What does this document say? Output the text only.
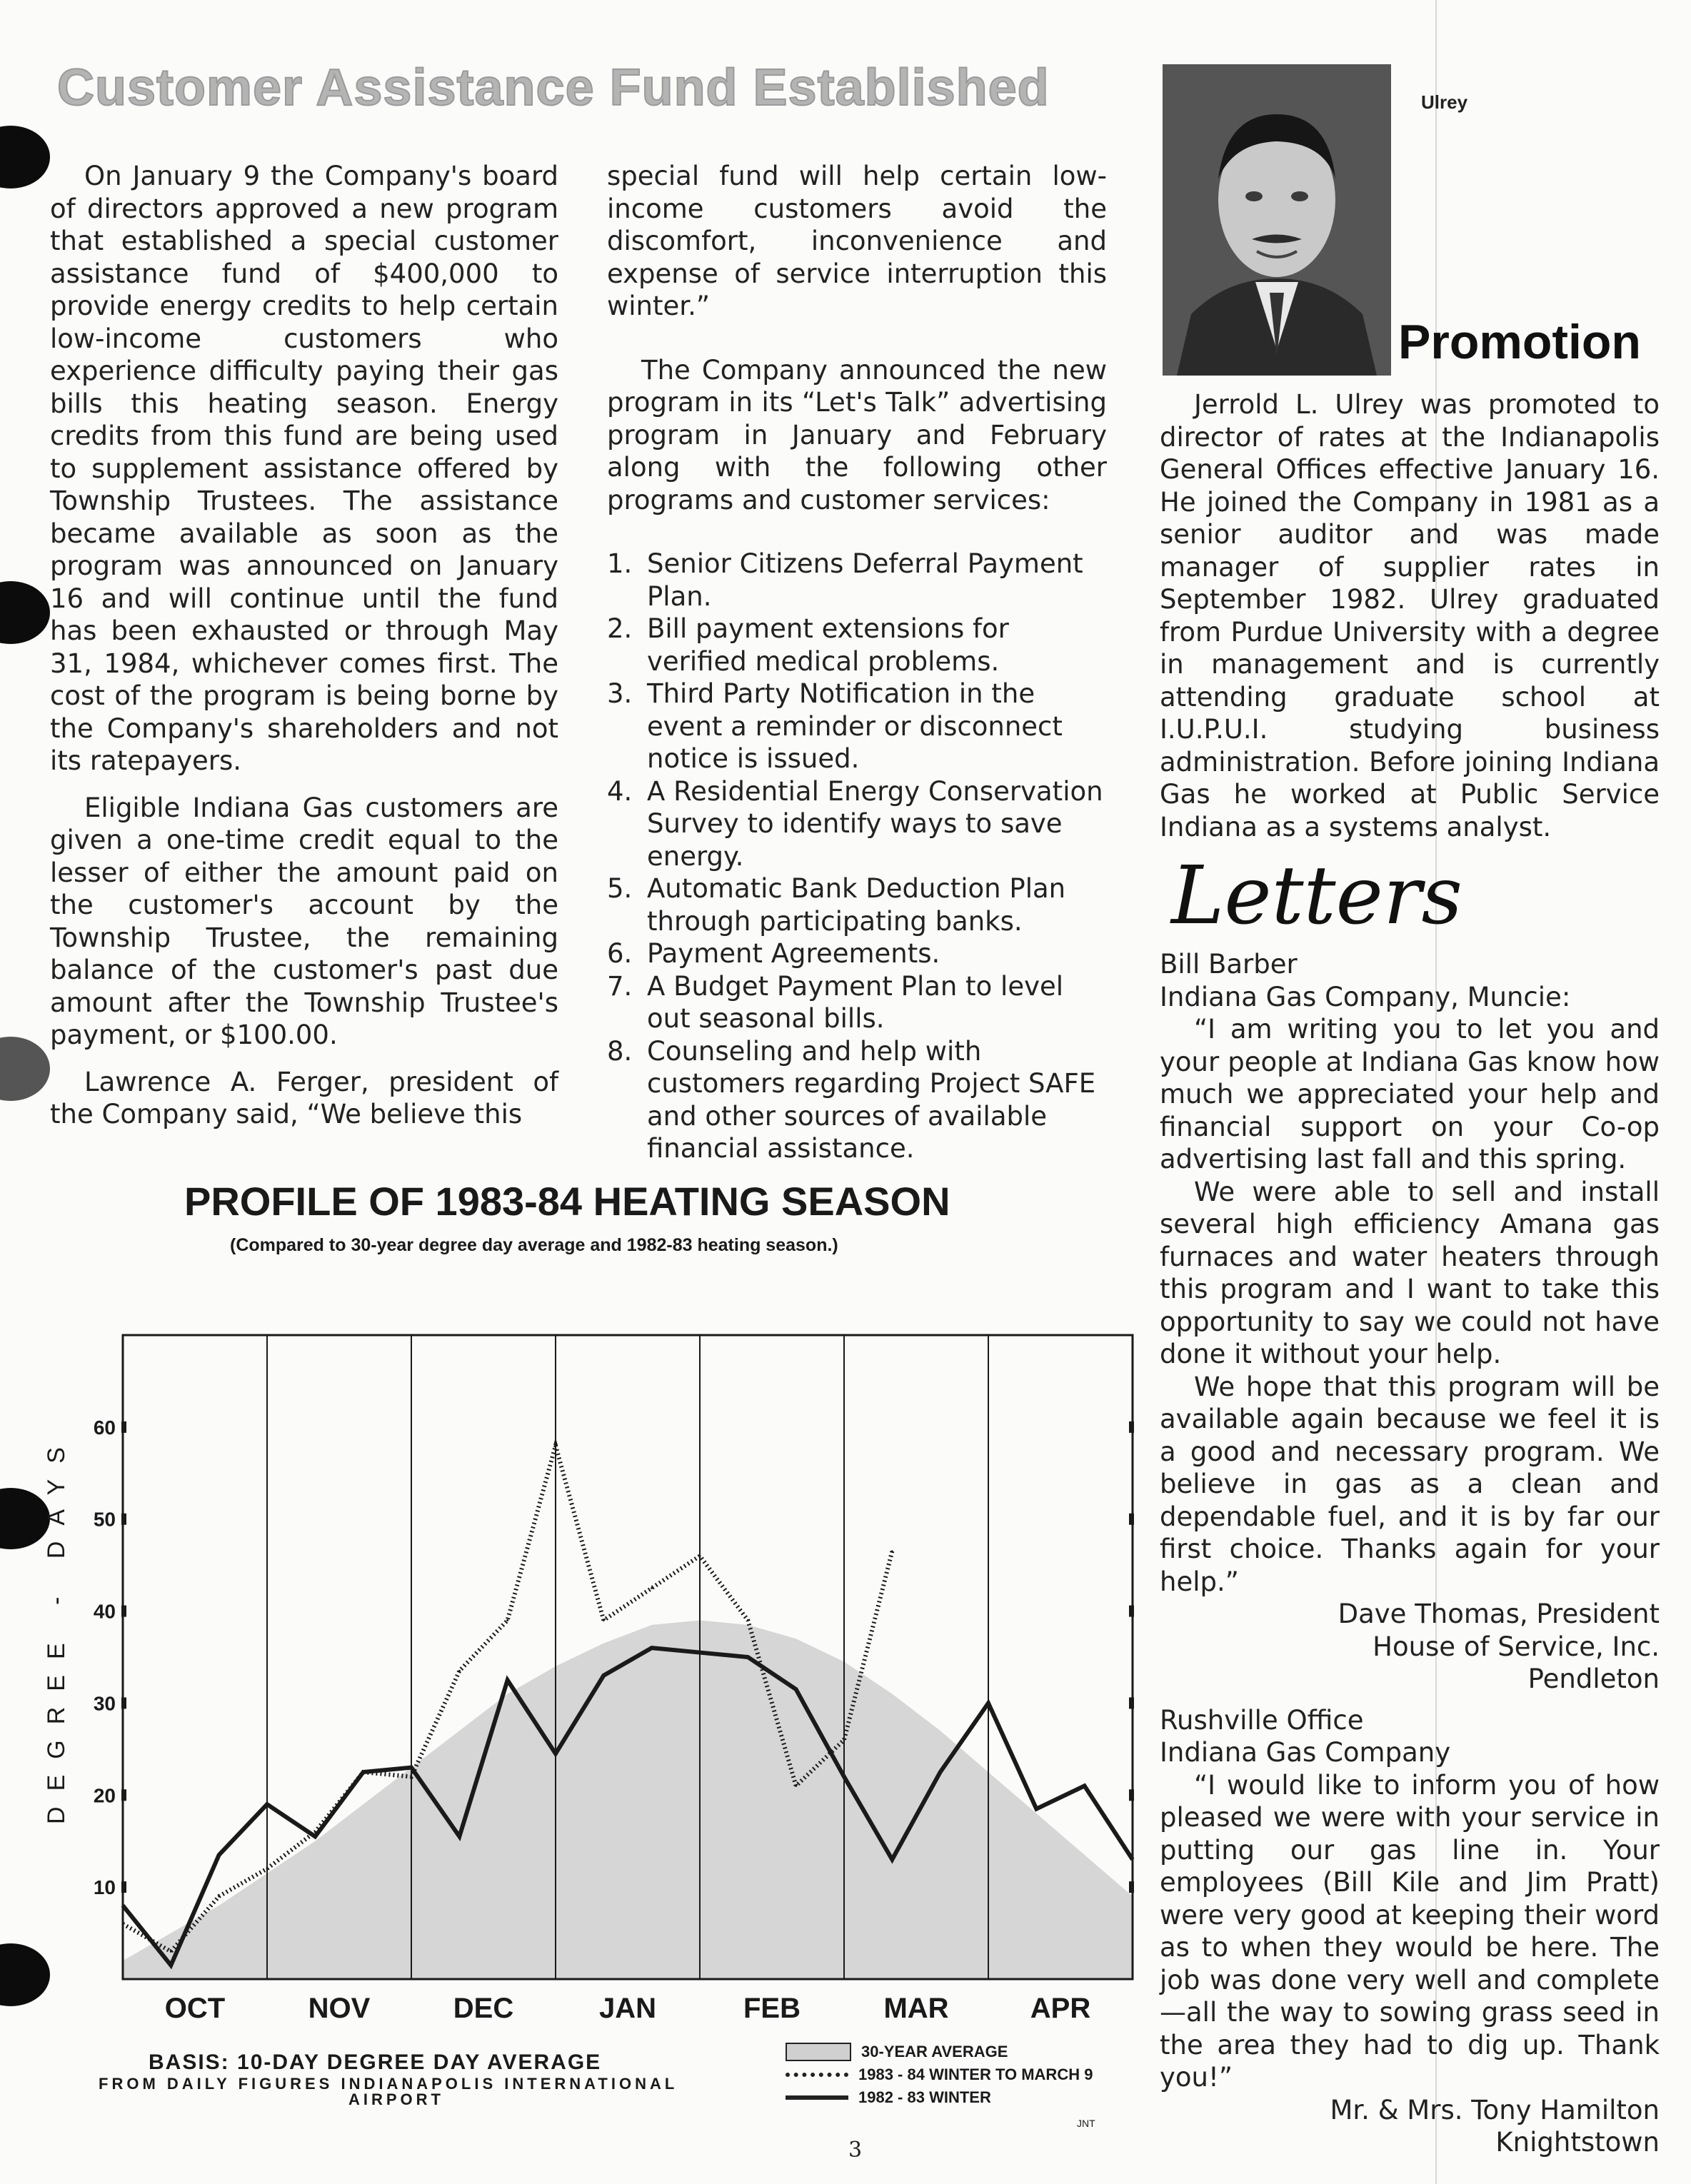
Customer Assistance Fund Established

On January 9 the Company's board of directors approved a new program that established a special customer assistance fund of $400,000 to provide energy credits to help certain low-income customers who experience difficulty paying their gas bills this heating season. Energy credits from this fund are being used to supplement assistance offered by Township Trustees. The assistance became available as soon as the program was announced on January 16 and will continue until the fund has been exhausted or through May 31, 1984, whichever comes first. The cost of the program is being borne by the Company's shareholders and not its ratepayers.

Eligible Indiana Gas customers are given a one-time credit equal to the lesser of either the amount paid on the customer's account by the Township Trustee, the remaining balance of the customer's past due amount after the Township Trustee's payment, or $100.00.

Lawrence A. Ferger, president of the Company said, “We believe this

special fund will help certain low-income customers avoid the discomfort, inconvenience and expense of service interruption this winter.”

The Company announced the new program in its “Let's Talk” advertising program in January and February along with the following other programs and customer services:

1. Senior Citizens Deferral Payment Plan.
2. Bill payment extensions for verified medical problems.
3. Third Party Notification in the event a reminder or disconnect notice is issued.
4. A Residential Energy Conservation Survey to identify ways to save energy.
5. Automatic Bank Deduction Plan through participating banks.
6. Payment Agreements.
7. A Budget Payment Plan to level out seasonal bills.
8. Counseling and help with customers regarding Project SAFE and other sources of available financial assistance.
Ulrey
Promotion

Jerrold L. Ulrey was promoted to director of rates at the Indianapolis General Offices effective January 16. He joined the Company in 1981 as a senior auditor and was made manager of supplier rates in September 1982. Ulrey graduated from Purdue University with a degree in management and is currently attending graduate school at I.U.P.U.I. studying business administration. Before joining Indiana Gas he worked at Public Service Indiana as a systems analyst.

Letters
Bill Barber
Indiana Gas Company, Muncie:

“I am writing you to let you and your people at Indiana Gas know how much we appreciated your help and financial support on your Co-op advertising last fall and this spring.

We were able to sell and install several high efficiency Amana gas furnaces and water heaters through this program and I want to take this opportunity to say we could not have done it without your help.

We hope that this program will be available again because we feel it is a good and necessary program. We believe in gas as a clean and dependable fuel, and it is by far our first choice. Thanks again for your help.”

Dave Thomas, President
House of Service, Inc.
Pendleton
Rushville Office
Indiana Gas Company

“I would like to inform you of how pleased we were with your service in putting our gas line in. Your employees (Bill Kile and Jim Pratt) were very good at keeping their word as to when they would be here. The job was done very well and complete—all the way to sowing grass seed in the area they had to dig up. Thank you!”

Mr. & Mrs. Tony Hamilton
Knightstown
PROFILE OF 1983-84 HEATING SEASON
(Compared to 30-year degree day average and 1982-83 heating season.)
DEGREE - DAYS
10
20
30
40
50
60
OCT	NOV	DEC	JAN	FEB	MAR	APR
BASIS: 10-DAY DEGREE DAY AVERAGE
FROM DAILY FIGURES INDIANAPOLIS INTERNATIONAL
AIRPORT
30-YEAR AVERAGE
1983 - 84 WINTER TO MARCH 9
1982 - 83 WINTER
JNT
3
